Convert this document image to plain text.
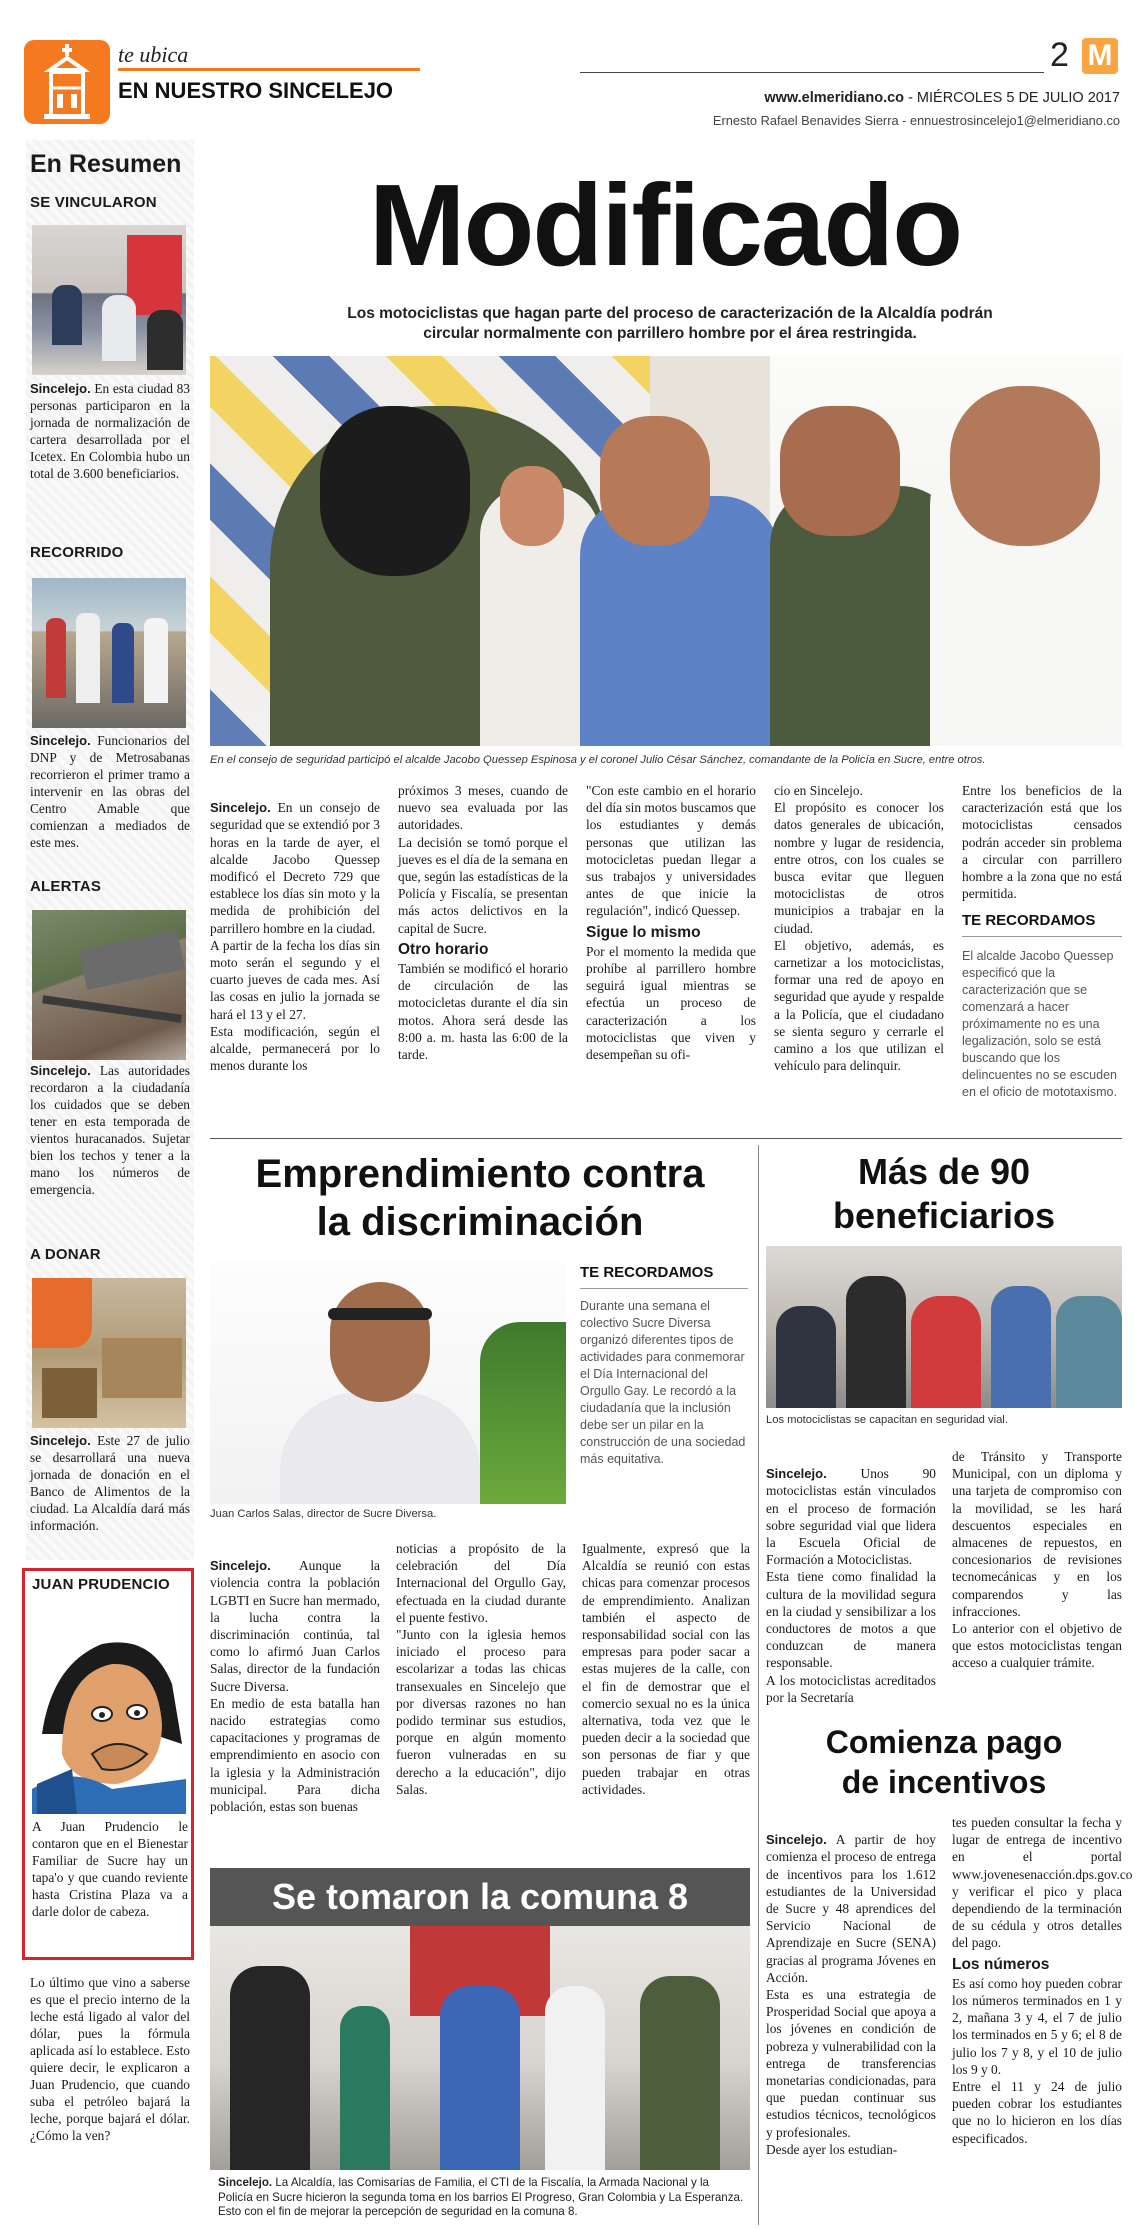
te ubica
EN NUESTRO SINCELEJO
2 M
www.elmeridiano.co - MIÉRCOLES 5 DE JULIO 2017
Ernesto Rafael Benavides Sierra - ennuestrosincelejo1@elmeridiano.co
En Resumen
SE VINCULARON
Sincelejo. En esta ciudad 83 personas participaron en la jornada de normalización de cartera desarrollada por el Icetex. En Colombia hubo un total de 3.600 beneficiarios.
RECORRIDO
Sincelejo. Funcionarios del DNP y de Metrosabanas recorrieron el primer tramo a intervenir en las obras del Centro Amable que comienzan a mediados de este mes.
ALERTAS
Sincelejo. Las autoridades recordaron a la ciudadanía los cuidados que se deben tener en esta temporada de vientos huracanados. Sujetar bien los techos y tener a la mano los números de emergencia.
A DONAR
Sincelejo. Este 27 de julio se desarrollará una nueva jornada de donación en el Banco de Alimentos de la ciudad. La Alcaldía dará más información.
JUAN PRUDENCIO
A Juan Prudencio le contaron que en el Bienestar Familiar de Sucre hay un tapa'o y que cuando reviente hasta Cristina Plaza va a darle dolor de cabeza.
Lo último que vino a saberse es que el precio interno de la leche está ligado al valor del dólar, pues la fórmula aplicada así lo establece. Esto quiere decir, le explicaron a Juan Prudencio, que cuando suba el petróleo bajará la leche, porque bajará el dólar. ¿Cómo la ven?
Modificado
Los motociclistas que hagan parte del proceso de caracterización de la Alcaldía podrán circular normalmente con parrillero hombre por el área restringida.
En el consejo de seguridad participó el alcalde Jacobo Quessep Espinosa y el coronel Julio César Sánchez, comandante de la Policía en Sucre, entre otros.

Sincelejo. En un consejo de seguridad que se extendió por 3 horas en la tarde de ayer, el alcalde Jacobo Quessep modificó el Decreto 729 que establece los días sin moto y la medida de prohibición del parrillero hombre en la ciudad.
A partir de la fecha los días sin moto serán el segundo y el cuarto jueves de cada mes. Así las cosas en julio la jornada se hará el 13 y el 27.
Esta modificación, según el alcalde, permanecerá por lo menos durante los

próximos 3 meses, cuando de nuevo sea evaluada por las autoridades.
La decisión se tomó porque el jueves es el día de la semana en que, según las estadísticas de la Policía y Fiscalía, se presentan más actos delictivos en la capital de Sucre.
Otro horario
También se modificó el horario de circulación de las motocicletas durante el día sin motos. Ahora será desde las 8:00 a. m. hasta las 6:00 de la tarde.
"Con este cambio en el horario del día sin motos buscamos que los estudiantes y demás personas que utilizan las motocicletas puedan llegar a sus trabajos y universidades antes de que inicie la regulación", indicó Quessep.
Sigue lo mismo
Por el momento la medida que prohíbe al parrillero hombre seguirá igual mientras se efectúa un proceso de caracterización a los motociclistas que viven y desempeñan su ofi-
cio en Sincelejo.
El propósito es conocer los datos generales de ubicación, nombre y lugar de residencia, entre otros, con los cuales se busca evitar que lleguen motociclistas de otros municipios a trabajar en la ciudad.
El objetivo, además, es carnetizar a los motociclistas, formar una red de apoyo en seguridad que ayude y respalde a la Policía, que el ciudadano se sienta seguro y cerrarle el camino a los que utilizan el vehículo para delinquir.
Entre los beneficios de la caracterización está que los motociclistas censados podrán acceder sin problema a circular con parrillero hombre a la zona que no está permitida.
TE RECORDAMOS
El alcalde Jacobo Quessep especificó que la caracterización que se comenzará a hacer próximamente no es una legalización, solo se está buscando que los delincuentes no se escuden en el oficio de mototaxismo.
Emprendimiento contra
la discriminación
Juan Carlos Salas, director de Sucre Diversa.
TE RECORDAMOS
Durante una semana el colectivo Sucre Diversa organizó diferentes tipos de actividades para conmemorar el Día Internacional del Orgullo Gay. Le recordó a la ciudadanía que la inclusión debe ser un pilar en la construcción de una sociedad más equitativa.

Sincelejo. Aunque la violencia contra la población LGBTI en Sucre han mermado, la lucha contra la discriminación continúa, tal como lo afirmó Juan Carlos Salas, director de la fundación Sucre Diversa.
En medio de esta batalla han nacido estrategias como capacitaciones y programas de emprendimiento en asocio con la iglesia y la Administración municipal. Para dicha población, estas son buenas

noticias a propósito de la celebración del Día Internacional del Orgullo Gay, efectuada en la ciudad durante el puente festivo.
"Junto con la iglesia hemos iniciado el proceso para escolarizar a todas las chicas transexuales en Sincelejo que por diversas razones no han podido terminar sus estudios, porque en algún momento fueron vulneradas en su derecho a la educación", dijo Salas.
Igualmente, expresó que la Alcaldía se reunió con estas chicas para comenzar procesos de emprendimiento. Analizan también el aspecto de responsabilidad social con las empresas para poder sacar a estas mujeres de la calle, con el fin de demostrar que el comercio sexual no es la única alternativa, toda vez que le pueden decir a la sociedad que son personas de fiar y que pueden trabajar en otras actividades.
Se tomaron la comuna 8
Sincelejo. La Alcaldía, las Comisarías de Familia, el CTI de la Fiscalía, la Armada Nacional y la Policía en Sucre hicieron la segunda toma en los barrios El Progreso, Gran Colombia y La Esperanza. Esto con el fin de mejorar la percepción de seguridad en la comuna 8.
Más de 90
beneficiarios
Los motociclistas se capacitan en seguridad vial.

Sincelejo.	Unos 90 motociclistas están vinculados en el proceso de formación sobre seguridad vial que lidera la Escuela Oficial de Formación a Motociclistas.
Esta tiene como finalidad la cultura de la movilidad segura en la ciudad y sensibilizar a los conductores de motos a que conduzcan de manera responsable.
A los motociclistas acreditados por la Secretaría

de Tránsito y Transporte Municipal, con un diploma y una tarjeta de compromiso con la movilidad, se les hará descuentos especiales en almacenes de repuestos, en concesionarios de revisiones tecnomecánicas y en los comparendos y las infracciones.
Lo anterior con el objetivo de que estos motociclistas tengan acceso a cualquier trámite.
Comienza pago
de incentivos

Sincelejo. A partir de hoy comienza el proceso de entrega de incentivos para los 1.612 estudiantes de la Universidad de Sucre y 48 aprendices del Servicio Nacional de Aprendizaje en Sucre (SENA) gracias al programa Jóvenes en Acción.
Esta es una estrategia de Prosperidad Social que apoya a los jóvenes en condición de pobreza y vulnerabilidad con la entrega de transferencias monetarias condicionadas, para que puedan continuar sus estudios técnicos, tecnológicos y profesionales.
Desde ayer los estudian-

tes pueden consultar la fecha y lugar de entrega de incentivo en el portal www.jovenesenacción.dps.gov.co y verificar el pico y placa dependiendo de la terminación de su cédula y otros detalles del pago.
Los números
Es así como hoy pueden cobrar los números terminados en 1 y 2, mañana 3 y 4, el 7 de julio los terminados en 5 y 6; el 8 de julio los 7 y 8, y el 10 de julio los 9 y 0.
Entre el 11 y 24 de julio pueden cobrar los estudiantes que no lo hicieron en los días especificados.
